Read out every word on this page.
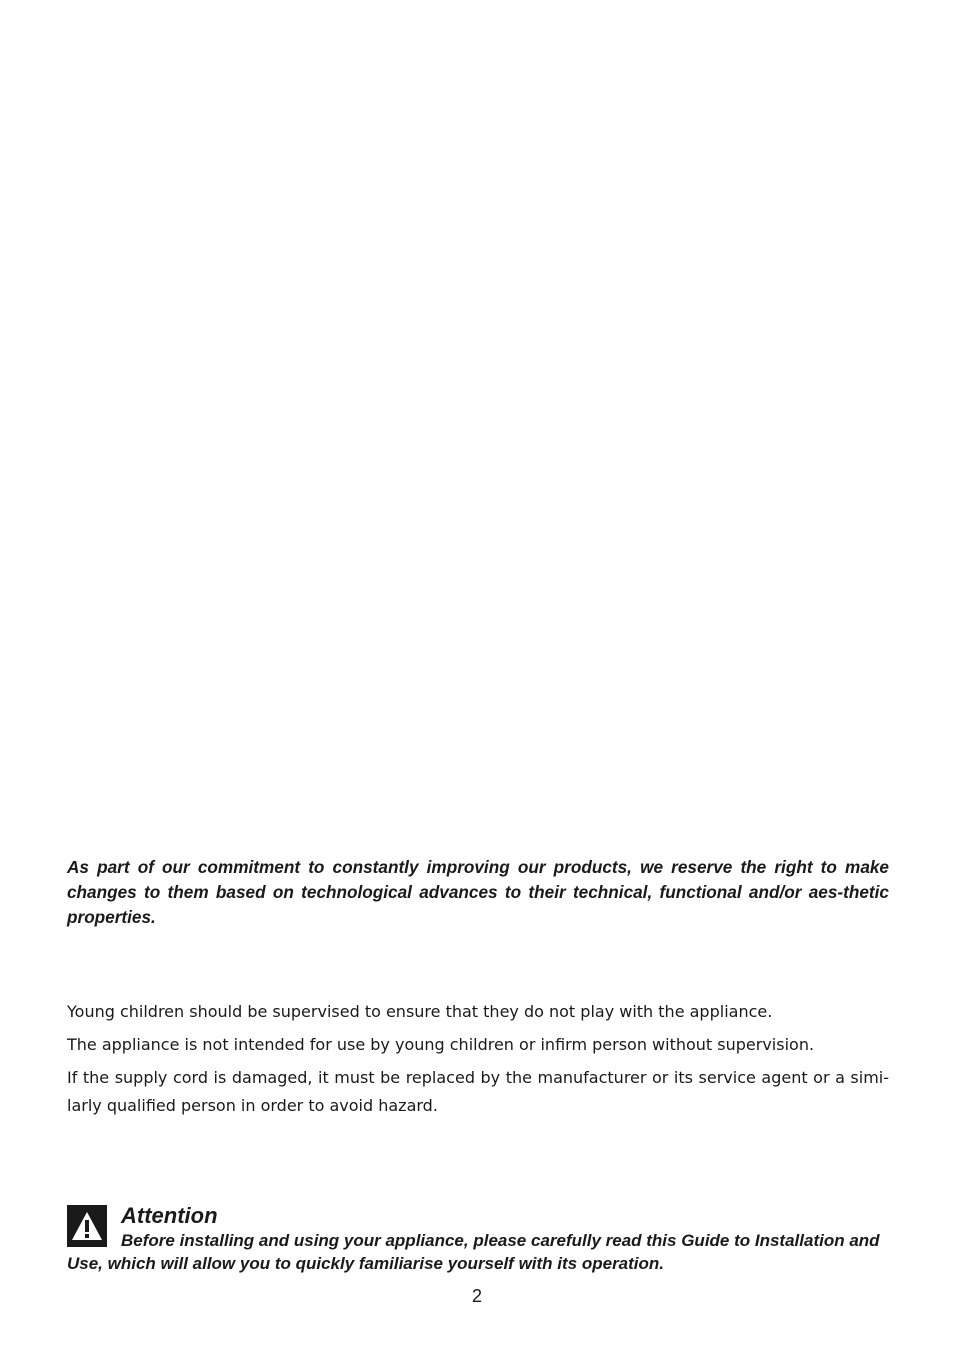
As part of our commitment to constantly improving our products, we reserve the right to make changes to them based on technological advances to their technical, functional and/or aes-thetic properties.

Young children should be supervised to ensure that they do not play with the appliance.

The appliance is not intended for use by young children or infirm person without supervision.

If the supply cord is damaged, it must be replaced by the manufacturer or its service agent or a simi-larly qualified person in order to avoid hazard.

Attention

Before installing and using your appliance, please carefully read this Guide to Installation and Use, which will allow you to quickly familiarise yourself with its operation.

2
